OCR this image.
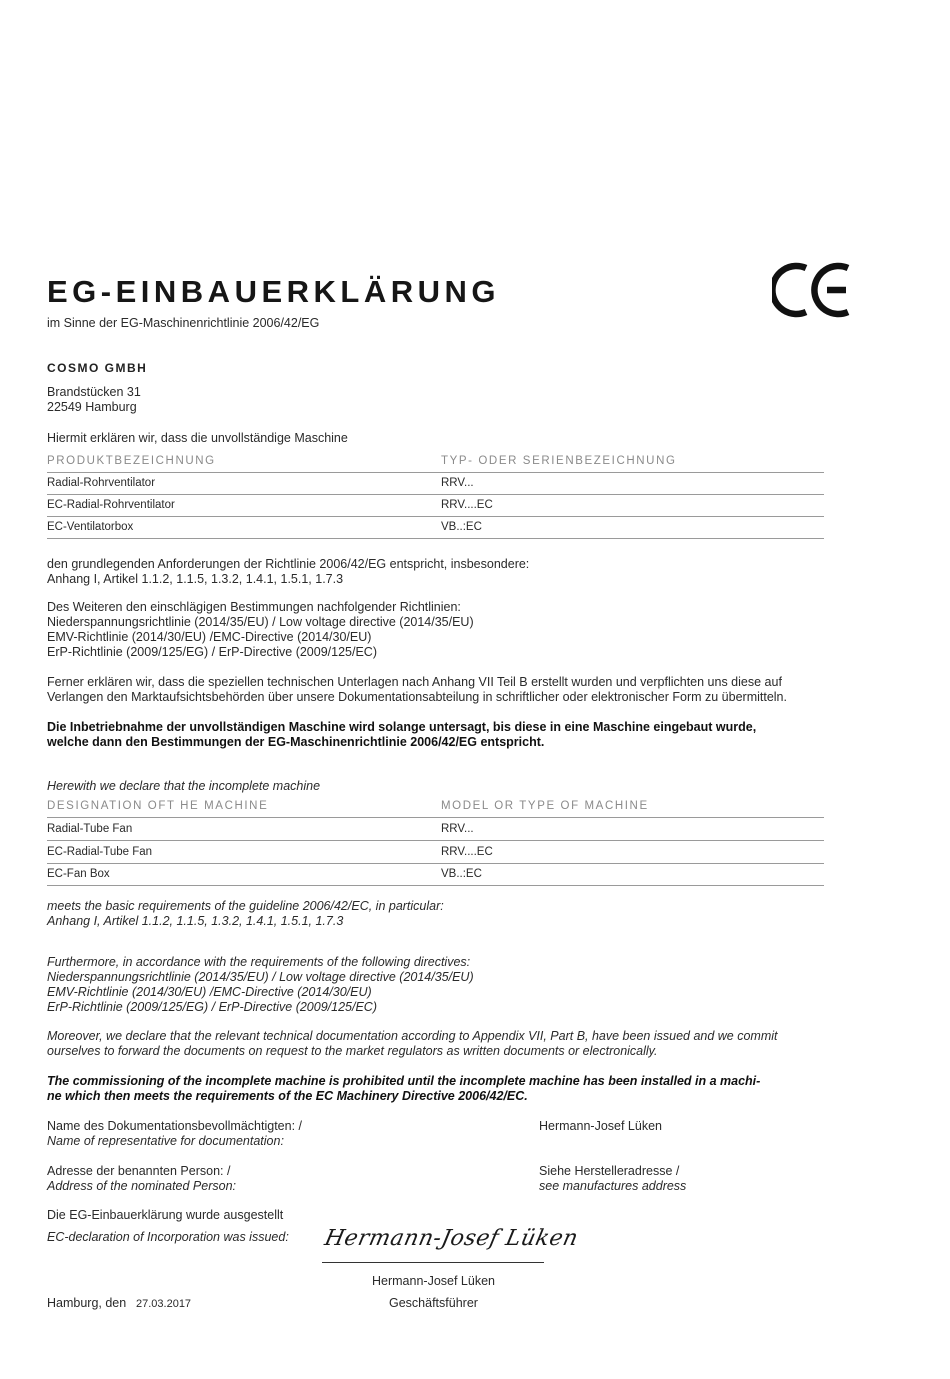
EG-EINBAUERKLÄRUNG
im Sinne der EG-Maschinenrichtlinie 2006/42/EG
COSMO GMBH
Brandstücken 31
22549 Hamburg
Hiermit erklären wir, dass die unvollständige Maschine
PRODUKTBEZEICHNUNG	TYP- ODER SERIENBEZEICHNUNG
Radial-Rohrventilator	RRV...
EC-Radial-Rohrventilator	RRV....EC
EC-Ventilatorbox	VB..:EC
den grundlegenden Anforderungen der Richtlinie 2006/42/EG entspricht, insbesondere:
Anhang I, Artikel 1.1.2, 1.1.5, 1.3.2, 1.4.1, 1.5.1, 1.7.3
Des Weiteren den einschlägigen Bestimmungen nachfolgender Richtlinien:
Niederspannungsrichtlinie (2014/35/EU) / Low voltage directive (2014/35/EU)
EMV-Richtlinie (2014/30/EU) /EMC-Directive (2014/30/EU)
ErP-Richtlinie (2009/125/EG) / ErP-Directive (2009/125/EC)
Ferner erklären wir, dass die speziellen technischen Unterlagen nach Anhang VII Teil B erstellt wurden und verpflichten uns diese auf
Verlangen den Marktaufsichtsbehörden über unsere Dokumentationsabteilung in schriftlicher oder elektronischer Form zu übermitteln.
Die Inbetriebnahme der unvollständigen Maschine wird solange untersagt, bis diese in eine Maschine eingebaut wurde,
welche dann den Bestimmungen der EG-Maschinenrichtlinie 2006/42/EG entspricht.
Herewith we declare that the incomplete machine
DESIGNATION OFT HE MACHINE	MODEL OR TYPE OF MACHINE
Radial-Tube Fan	RRV...
EC-Radial-Tube Fan	RRV....EC
EC-Fan Box	VB..:EC
meets the basic requirements of the guideline 2006/42/EC, in particular:
Anhang I, Artikel 1.1.2, 1.1.5, 1.3.2, 1.4.1, 1.5.1, 1.7.3
Furthermore, in accordance with the requirements of the following directives:
Niederspannungsrichtlinie (2014/35/EU) / Low voltage directive (2014/35/EU)
EMV-Richtlinie (2014/30/EU) /EMC-Directive (2014/30/EU)
ErP-Richtlinie (2009/125/EG) / ErP-Directive (2009/125/EC)
Moreover, we declare that the relevant technical documentation according to Appendix VII, Part B, have been issued and we commit
ourselves to forward the documents on request to the market regulators as written documents or electronically.
The commissioning of the incomplete machine is prohibited until the incomplete machine has been installed in a machi-
ne which then meets the requirements of the EC Machinery Directive 2006/42/EC.
Name des Dokumentationsbevollmächtigten: /
Name of representative for documentation:
Hermann-Josef Lüken
Adresse der benannten Person: /
Address of the nominated Person:
Siehe Herstelleradresse /
see manufactures address
Die EG-Einbauerklärung wurde ausgestellt
EC-declaration of Incorporation was issued: Hermann-Josef Lüken
Hermann-Josef Lüken
Geschäftsführer
Hamburg, den 27.03.2017
